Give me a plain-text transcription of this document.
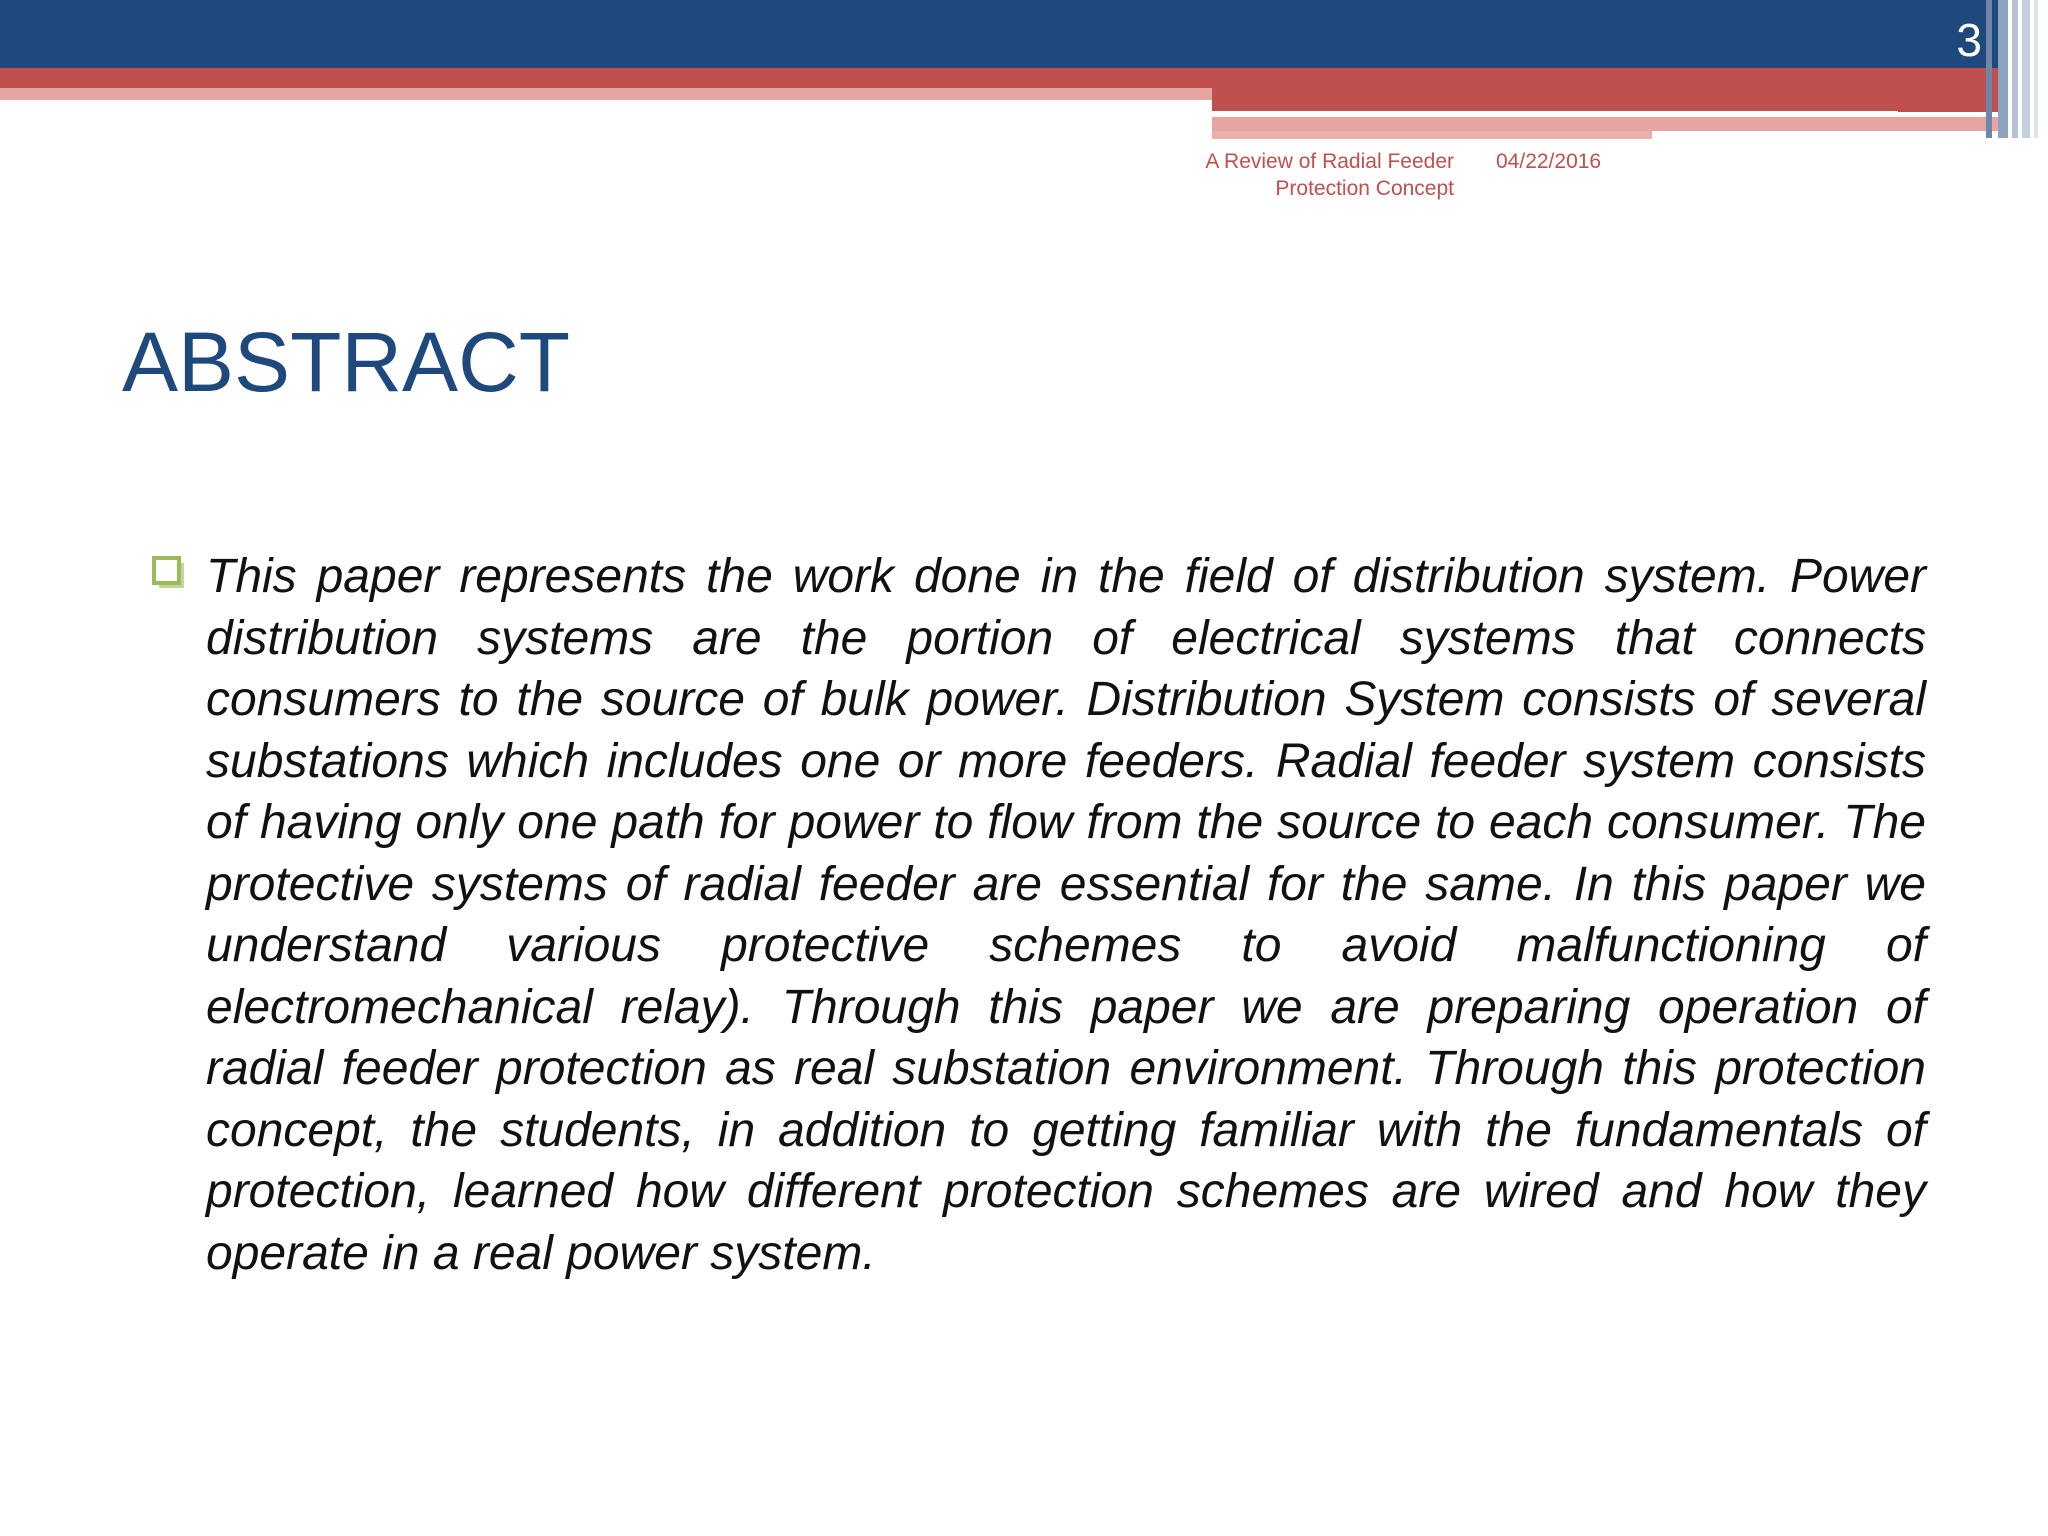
3
A Review of Radial Feeder Protection Concept
04/22/2016
ABSTRACT

This paper represents the work done in the field of distribution system. Power distribution systems are the portion of electrical systems that connects consumers to the source of bulk power. Distribution System consists of several substations which includes one or more feeders. Radial feeder system consists of having only one path for power to flow from the source to each consumer. The protective systems of radial feeder are essential for the same. In this paper we understand various protective schemes to avoid malfunctioning of electromechanical relay). Through this paper we are preparing operation of radial feeder protection as real substation environment. Through this protection concept, the students, in addition to getting familiar with the fundamentals of protection, learned how different protection schemes are wired and how they operate in a real power system.
